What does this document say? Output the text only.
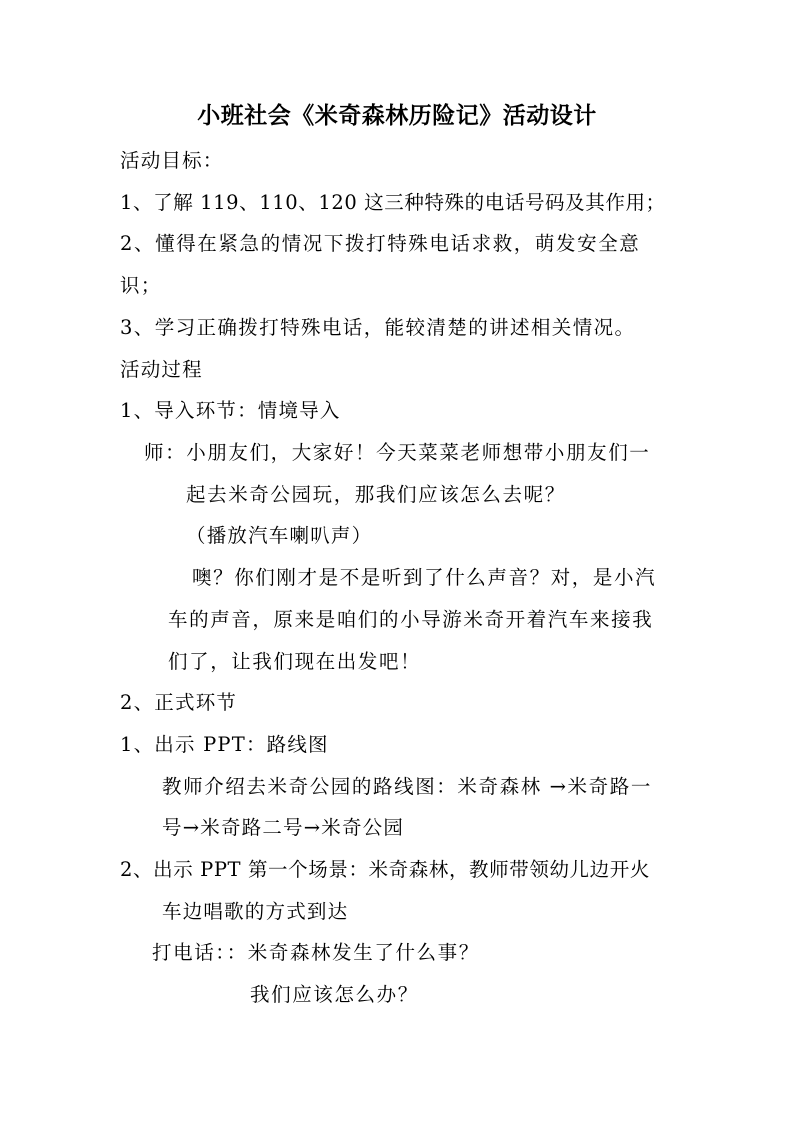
小班社会《米奇森林历险记》活动设计
活动目标：
1、了解 119、110、120 这三种特殊的电话号码及其作用；
2、懂得在紧急的情况下拨打特殊电话求救，萌发安全意
识；
3、学习正确拨打特殊电话，能较清楚的讲述相关情况。
活动过程
1、导入环节：情境导入
师：小朋友们，大家好！今天菜菜老师想带小朋友们一
起去米奇公园玩，那我们应该怎么去呢？
（播放汽车喇叭声）
噢？你们刚才是不是听到了什么声音？对，是小汽
车的声音，原来是咱们的小导游米奇开着汽车来接我
们了，让我们现在出发吧！
2、正式环节
1、出示 PPT：路线图
教师介绍去米奇公园的路线图：米奇森林 →米奇路一
号→米奇路二号→米奇公园
2、出示 PPT 第一个场景：米奇森林，教师带领幼儿边开火
车边唱歌的方式到达
打电话：：米奇森林发生了什么事？
我们应该怎么办？
